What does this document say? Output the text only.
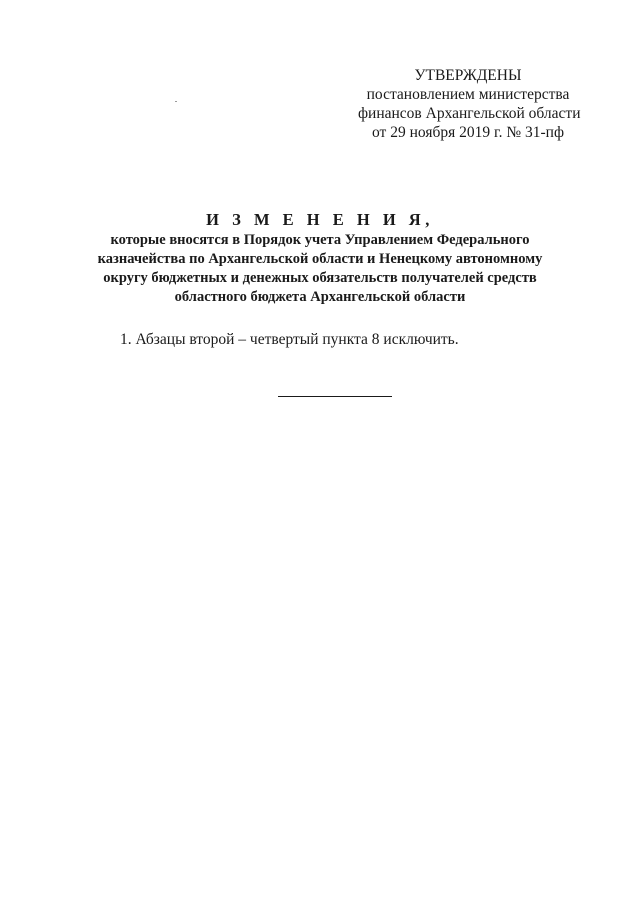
УТВЕРЖДЕНЫ
постановлением министерства
финансов Архангельской области
от 29 ноября 2019 г. № 31-пф
И З М Е Н Е Н И Я,
которые вносятся в Порядок учета Управлением Федерального
казначейства по Архангельской области и Ненецкому автономному
округу бюджетных и денежных обязательств получателей средств
областного бюджета Архангельской области
1. Абзацы второй – четвертый пункта 8 исключить.
